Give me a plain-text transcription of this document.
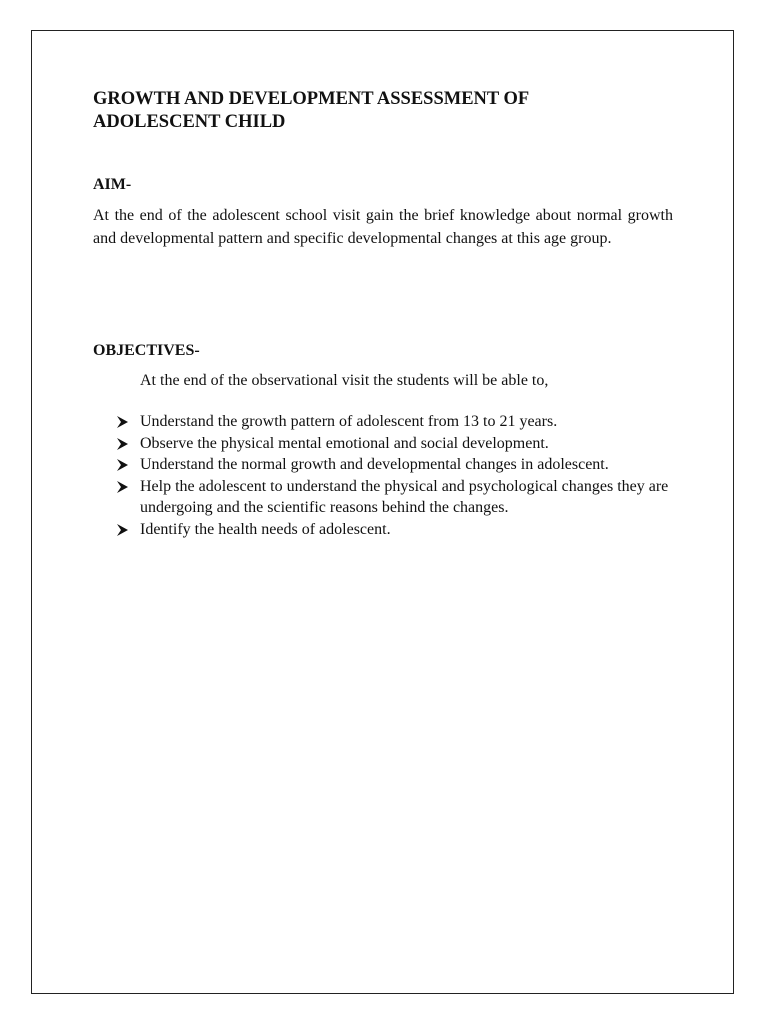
GROWTH AND DEVELOPMENT ASSESSMENT OF ADOLESCENT CHILD
AIM-

At the end of the adolescent school visit gain the brief knowledge about normal growth and developmental pattern and specific developmental changes at this age group.

OBJECTIVES-

At the end of the observational visit the students will be able to,

Understand the growth pattern of adolescent from 13 to 21 years.
Observe the physical mental emotional and social development.
Understand the normal growth and developmental changes in adolescent.
Help the adolescent to understand the physical and psychological changes they are undergoing and the scientific reasons behind the changes.
Identify the health needs of adolescent.
